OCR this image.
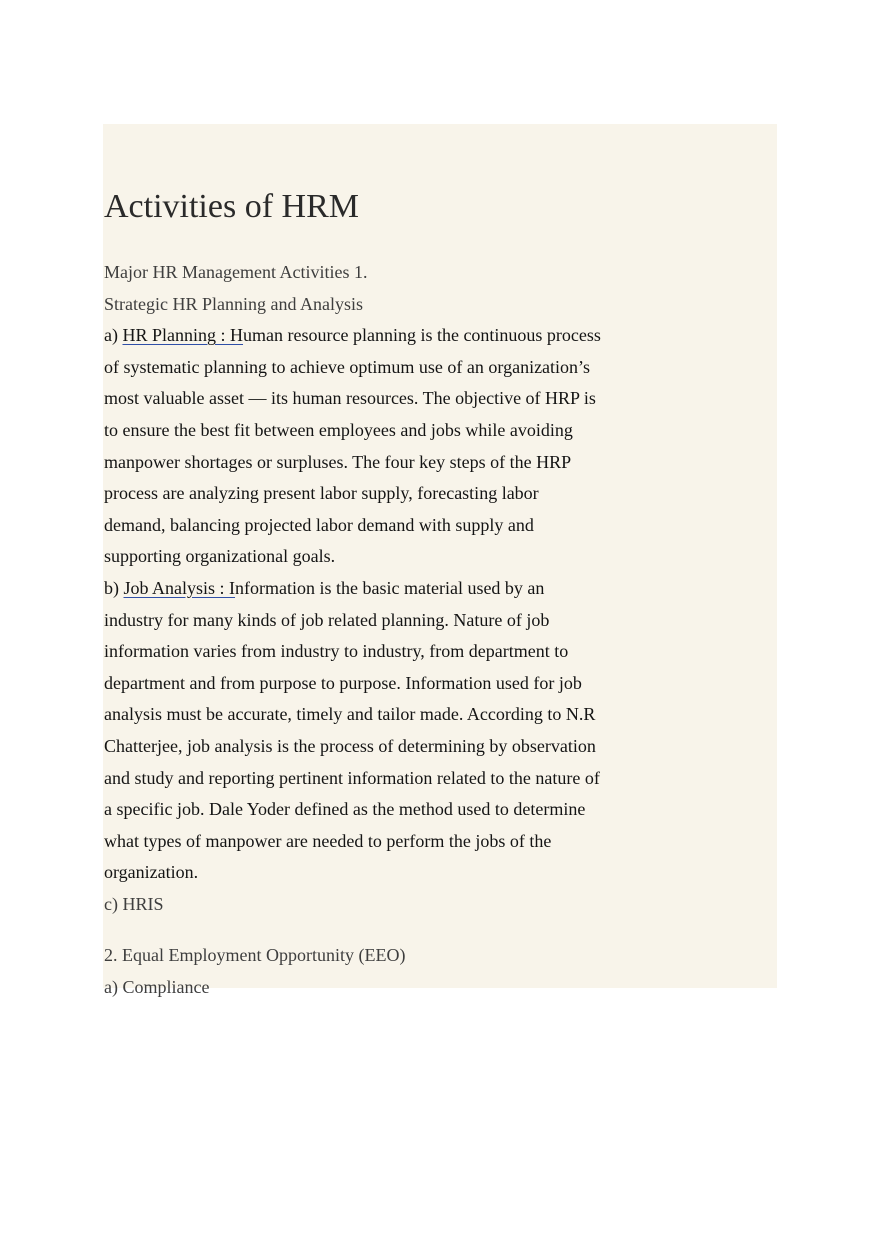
Activities of HRM

Major HR Management Activities 1.

Strategic HR Planning and Analysis

a) HR Planning : Human resource planning is the continuous process

of systematic planning to achieve optimum use of an organization’s

most valuable asset — its human resources. The objective of HRP is

to ensure the best fit between employees and jobs while avoiding

manpower shortages or surpluses. The four key steps of the HRP

process are analyzing present labor supply, forecasting labor

demand, balancing projected labor demand with supply and

supporting organizational goals.

b) Job Analysis : Information is the basic material used by an

industry for many kinds of job related planning. Nature of job

information varies from industry to industry, from department to

department and from purpose to purpose. Information used for job

analysis must be accurate, timely and tailor made. According to N.R

Chatterjee, job analysis is the process of determining by observation

and study and reporting pertinent information related to the nature of

a specific job. Dale Yoder defined as the method used to determine

what types of manpower are needed to perform the jobs of the

organization.

c) HRIS

2. Equal Employment Opportunity (EEO)

a) Compliance
